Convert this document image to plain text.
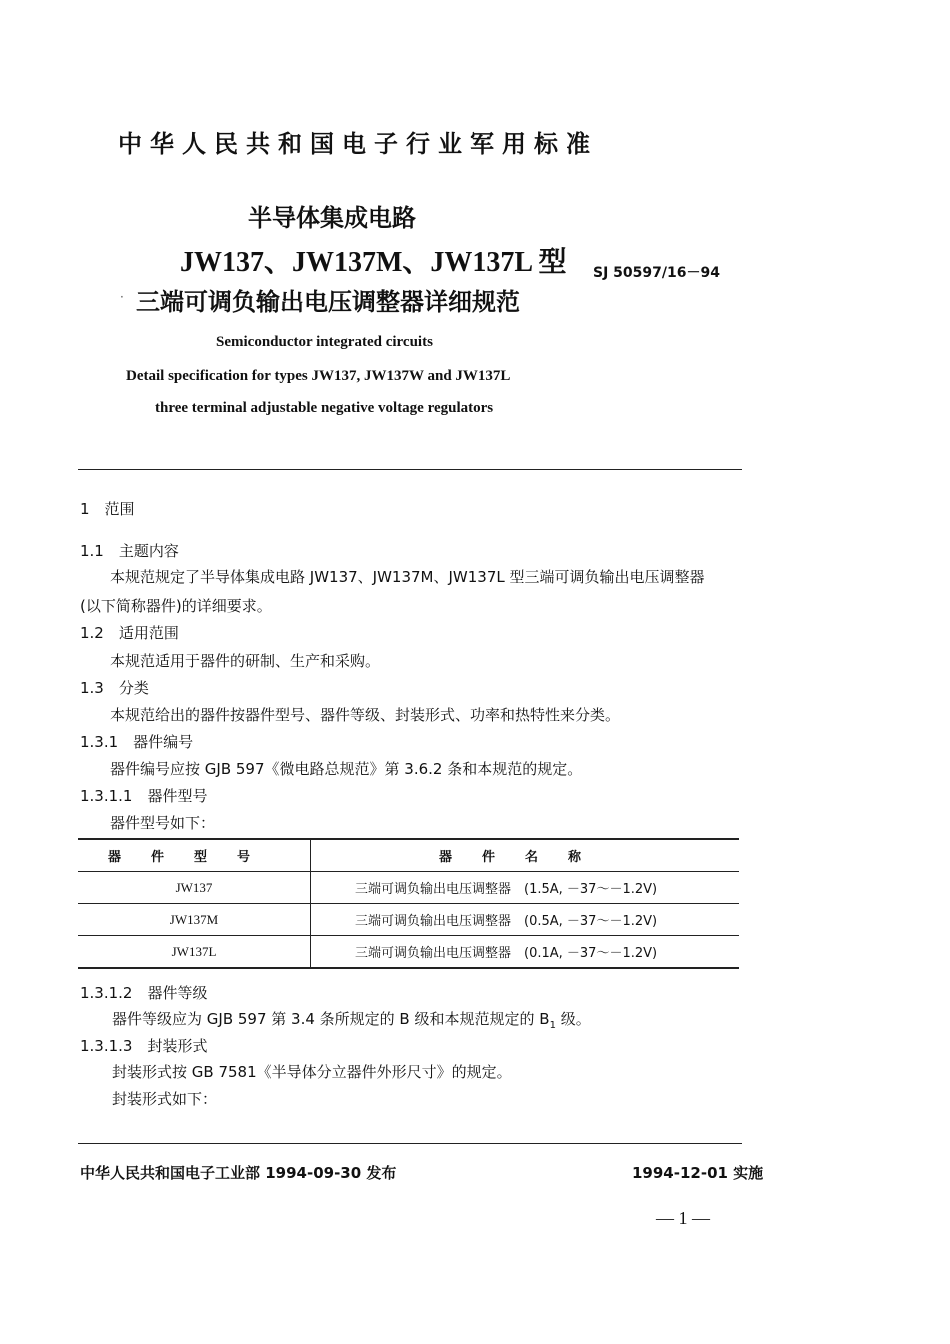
中华人民共和国电子行业军用标准
半导体集成电路
JW137、JW137M、JW137L 型
· 三端可调负输出电压调整器详细规范
SJ 50597/16－94
Semiconductor integrated circuits
Detail specification for types JW137, JW137W and JW137L
three terminal adjustable negative voltage regulators
1　范围
1.1　主题内容
本规范规定了半导体集成电路 JW137、JW137M、JW137L 型三端可调负输出电压调整器
(以下简称器件)的详细要求。
1.2　适用范围
本规范适用于器件的研制、生产和采购。
1.3　分类
本规范给出的器件按器件型号、器件等级、封装形式、功率和热特性来分类。
1.3.1　器件编号
器件编号应按 GJB 597《微电路总规范》第 3.6.2 条和本规范的规定。
1.3.1.1　器件型号
器件型号如下：
器件型号	器件名称
JW137	三端可调负输出电压调整器　(1.5A, －37～－1.2V)
JW137M	三端可调负输出电压调整器　(0.5A, －37～－1.2V)
JW137L	三端可调负输出电压调整器　(0.1A, －37～－1.2V)
1.3.1.2　器件等级
器件等级应为 GJB 597 第 3.4 条所规定的 B 级和本规范规定的 $B_1$ 级。
1.3.1.3　封装形式
封装形式按 GB 7581《半导体分立器件外形尺寸》的规定。
封装形式如下：
中华人民共和国电子工业部 1994-09-30 发布	1994-12-01 实施
— 1 —
